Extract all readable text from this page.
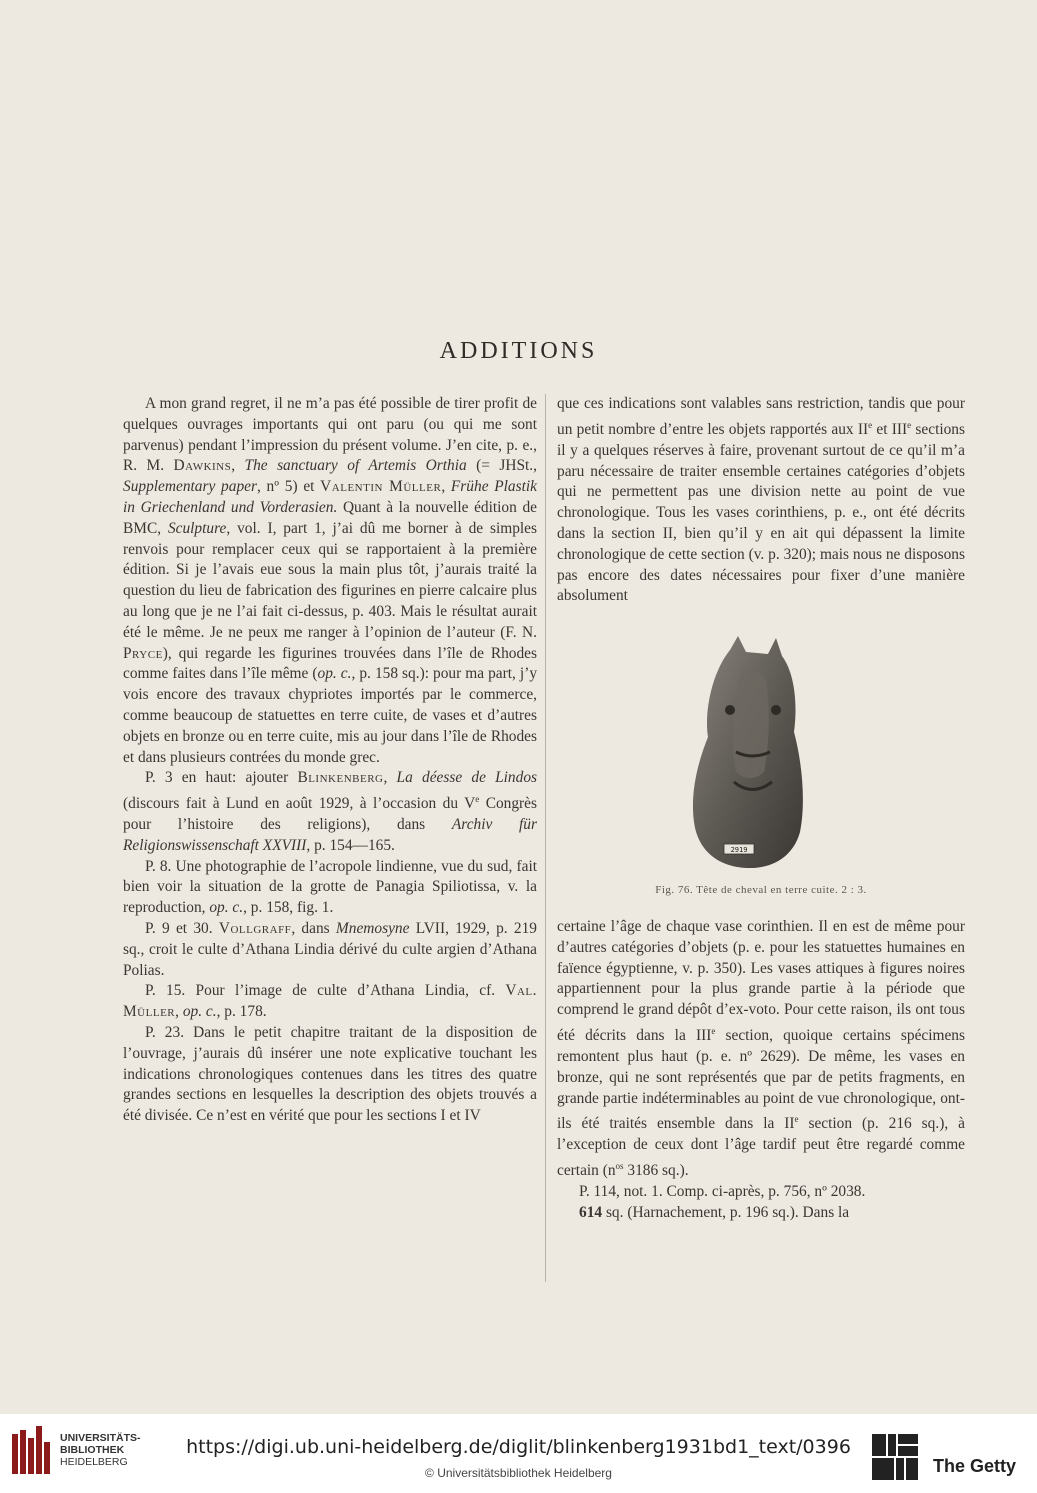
ADDITIONS

A mon grand regret, il ne m’a pas été possible de tirer profit de quelques ouvrages importants qui ont paru (ou qui me sont parvenus) pendant l’impression du présent volume. J’en cite, p. e., R. M. Dawkins, The sanctuary of Artemis Orthia (= JHSt., Supplementary paper, nº 5) et Valentin Müller, Frühe Plastik in Griechenland und Vorderasien. Quant à la nouvelle édition de BMC, Sculpture, vol. I, part 1, j’ai dû me borner à de simples renvois pour remplacer ceux qui se rapportaient à la première édition. Si je l’avais eue sous la main plus tôt, j’aurais traité la question du lieu de fabrication des figurines en pierre calcaire plus au long que je ne l’ai fait ci-dessus, p. 403. Mais le résultat aurait été le même. Je ne peux me ranger à l’opinion de l’auteur (F. N. Pryce), qui regarde les figurines trouvées dans l’île de Rhodes comme faites dans l’île même (op. c., p. 158 sq.): pour ma part, j’y vois encore des travaux chypriotes importés par le commerce, comme beaucoup de statuettes en terre cuite, de vases et d’autres objets en bronze ou en terre cuite, mis au jour dans l’île de Rhodes et dans plusieurs contrées du monde grec.

P. 3 en haut: ajouter Blinkenberg, La déesse de Lindos (discours fait à Lund en août 1929, à l’occasion du Ve Congrès pour l’histoire des religions), dans Archiv für Religionswissenschaft XXVIII, p. 154—165.

P. 8. Une photographie de l’acropole lindienne, vue du sud, fait bien voir la situation de la grotte de Panagia Spiliotissa, v. la reproduction, op. c., p. 158, fig. 1.

P. 9 et 30. Vollgraff, dans Mnemosyne LVII, 1929, p. 219 sq., croit le culte d’Athana Lindia dérivé du culte argien d’Athana Polias.

P. 15. Pour l’image de culte d’Athana Lindia, cf. Val. Müller, op. c., p. 178.

P. 23. Dans le petit chapitre traitant de la disposition de l’ouvrage, j’aurais dû insérer une note explicative touchant les indications chronologiques contenues dans les titres des quatre grandes sections en lesquelles la description des objets trouvés a été divisée. Ce n’est en vérité que pour les sections I et IV

que ces indications sont valables sans restriction, tandis que pour un petit nombre d’entre les objets rapportés aux IIe et IIIe sections il y a quelques réserves à faire, provenant surtout de ce qu’il m’a paru nécessaire de traiter ensemble certaines catégories d’objets qui ne permettent pas une division nette au point de vue chronologique. Tous les vases corinthiens, p. e., ont été décrits dans la section II, bien qu’il y en ait qui dépassent la limite chronologique de cette section (v. p. 320); mais nous ne disposons pas encore des dates nécessaires pour fixer d’une manière absolument

2919
Fig. 76. Tête de cheval en terre cuite. 2 : 3.

certaine l’âge de chaque vase corinthien. Il en est de même pour d’autres catégories d’objets (p. e. pour les statuettes humaines en faïence égyptienne, v. p. 350). Les vases attiques à figures noires appartiennent pour la plus grande partie à la période que comprend le grand dépôt d’ex-voto. Pour cette raison, ils ont tous été décrits dans la IIIe section, quoique certains spécimens remontent plus haut (p. e. nº 2629). De même, les vases en bronze, qui ne sont représentés que par de petits fragments, en grande partie indéterminables au point de vue chronologique, ont-ils été traités ensemble dans la IIe section (p. 216 sq.), à l’exception de ceux dont l’âge tardif peut être regardé comme certain ($n^{os}$ 3186 sq.).

P. 114, not. 1. Comp. ci-après, p. 756, nº 2038.

614 sq. (Harnachement, p. 196 sq.). Dans la

UNIVERSITÄTS-
BIBLIOTHEK
HEIDELBERG
https://digi.ub.uni-heidelberg.de/diglit/blinkenberg1931bd1_text/0396
© Universitätsbibliothek Heidelberg	The Getty
